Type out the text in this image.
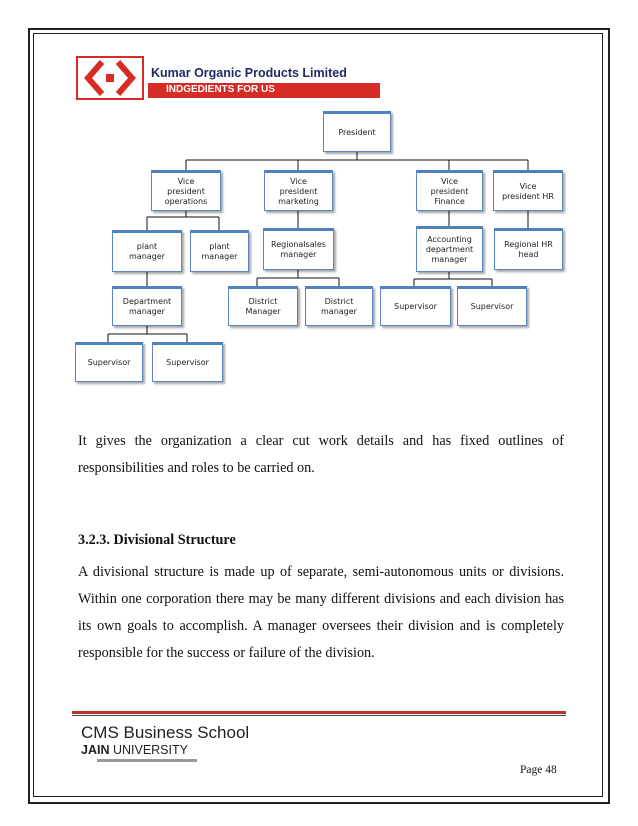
Kumar Organic Products Limited
INDGEDIENTS FOR US
President
Vice
president
operations
Vice
president
marketing
Vice
president
Finance
Vice
president HR
plant
manager
plant
manager
Regionalsales
manager
Accounting
department
manager
Regional HR
head
Department
manager
District
Manager
District
manager
Supervisor	Supervisor
Supervisor	Supervisor

It gives the organization a clear cut work details and has fixed outlines of responsibilities and roles to be carried on.

3.2.3. Divisional Structure

A divisional structure is made up of separate, semi-autonomous units or divisions. Within one corporation there may be many different divisions and each division has its own goals to accomplish. A manager oversees their division and is completely responsible for the success or failure of the division.

CMS Business School
JAIN UNIVERSITY
Page 48
